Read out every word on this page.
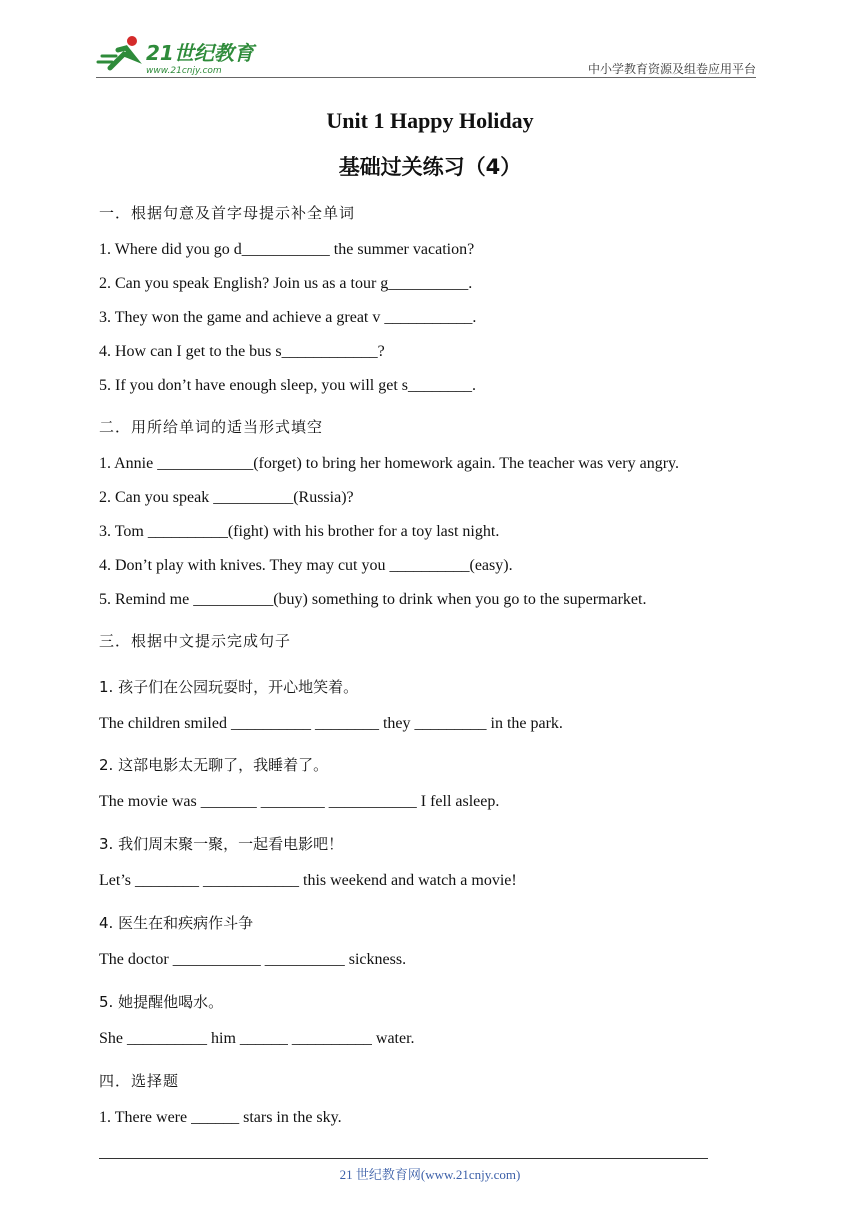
21世纪教育
www.21cnjy.com	中小学教育资源及组卷应用平台
Unit 1 Happy Holiday
基础过关练习（4）
一．根据句意及首字母提示补全单词
1. Where did you go d___________ the summer vacation?
2. Can you speak English? Join us as a tour g__________.
3. They won the game and achieve a great v ___________.
4. How can I get to the bus s____________?
5. If you don’t have enough sleep, you will get s________.
二．用所给单词的适当形式填空
1. Annie ____________(forget) to bring her homework again. The teacher was very angry.
2. Can you speak __________(Russia)?
3. Tom __________(fight) with his brother for a toy last night.
4. Don’t play with knives. They may cut you __________(easy).
5. Remind me __________(buy) something to drink when you go to the supermarket.
三．根据中文提示完成句子
1. 孩子们在公园玩耍时，开心地笑着。
The children smiled __________ ________ they _________ in the park.
2. 这部电影太无聊了，我睡着了。
The movie was _______ ________ ___________ I fell asleep.
3. 我们周末聚一聚，一起看电影吧！
Let’s ________ ____________ this weekend and watch a movie!
4. 医生在和疾病作斗争
The doctor ___________ __________ sickness.
5. 她提醒他喝水。
She __________ him ______ __________ water.
四．选择题
1. There were ______ stars in the sky.
21 世纪教育网(www.21cnjy.com)
